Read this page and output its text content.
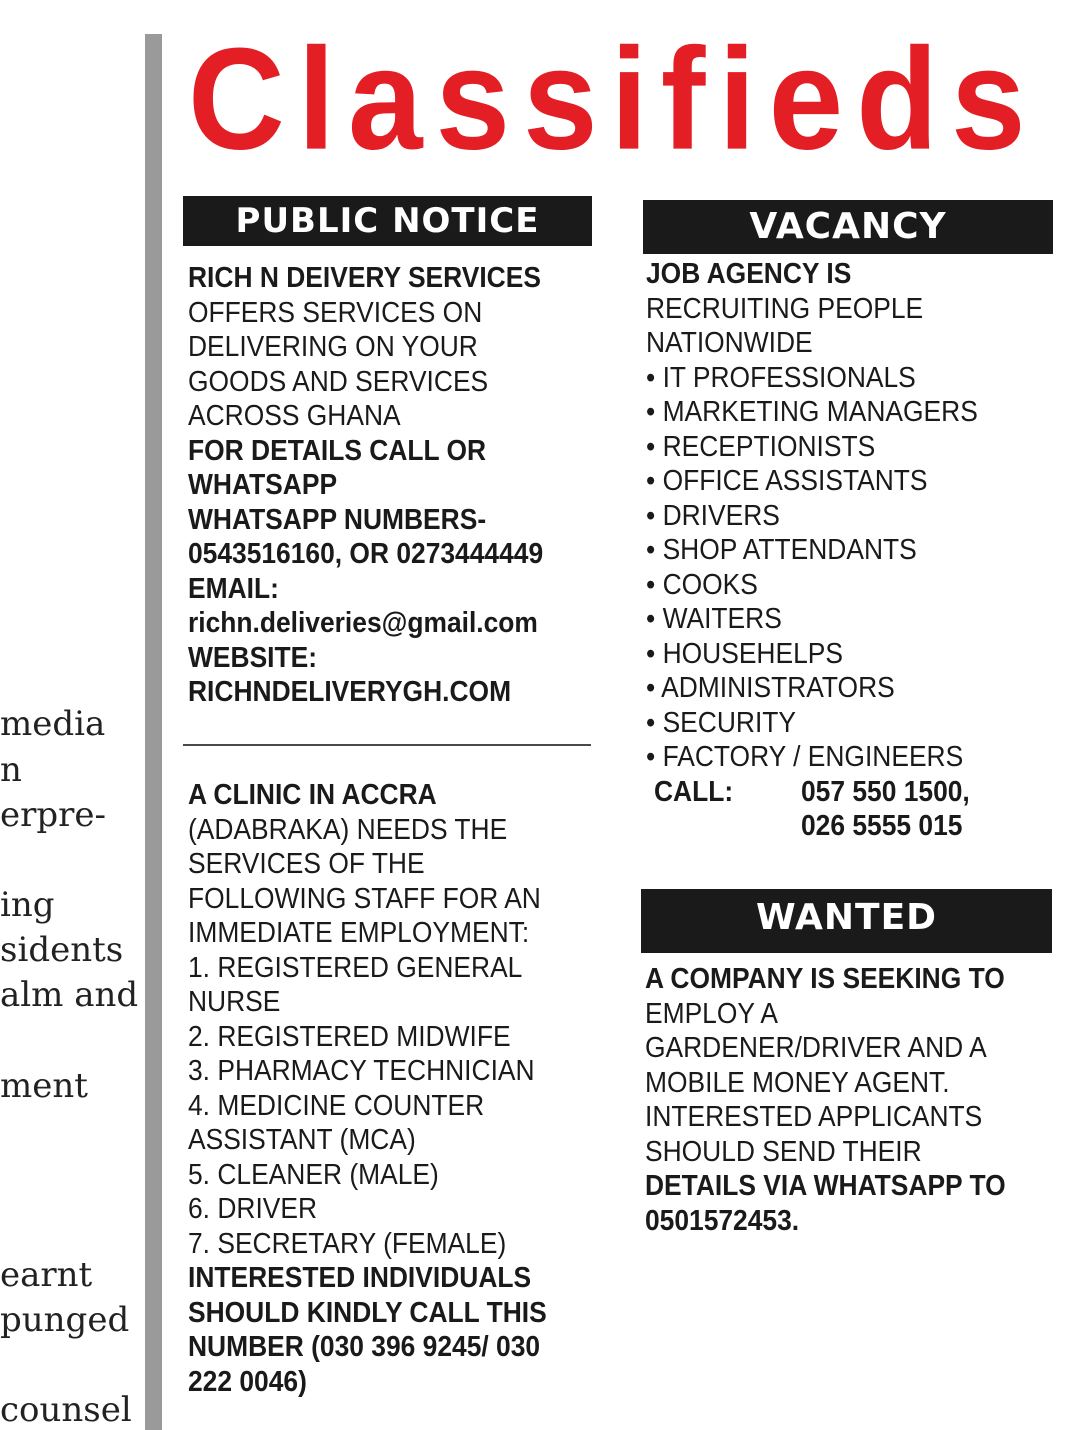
media
n
erpre-
ing
sidents
alm and
ment
earnt
punged
counsel
Classifieds
PUBLIC NOTICE
RICH N DEIVERY SERVICES
OFFERS SERVICES ON
DELIVERING ON YOUR
GOODS AND SERVICES
ACROSS GHANA
FOR DETAILS CALL OR
WHATSAPP
WHATSAPP NUMBERS-
0543516160, OR 0273444449
EMAIL:
richn.deliveries@gmail.com
WEBSITE:
RICHNDELIVERYGH.COM
A CLINIC IN ACCRA
(ADABRAKA) NEEDS THE
SERVICES OF THE
FOLLOWING STAFF FOR AN
IMMEDIATE EMPLOYMENT:
1. REGISTERED GENERAL
NURSE
2. REGISTERED MIDWIFE
3. PHARMACY TECHNICIAN
4. MEDICINE COUNTER
ASSISTANT (MCA)
5. CLEANER (MALE)
6. DRIVER
7. SECRETARY (FEMALE)
INTERESTED INDIVIDUALS
SHOULD KINDLY CALL THIS
NUMBER (030 396 9245/ 030
222 0046)
VACANCY
JOB AGENCY IS
RECRUITING PEOPLE
NATIONWIDE
• IT PROFESSIONALS
• MARKETING MANAGERS
• RECEPTIONISTS
• OFFICE ASSISTANTS
• DRIVERS
• SHOP ATTENDANTS
• COOKS
• WAITERS
• HOUSEHELPS
• ADMINISTRATORS
• SECURITY
• FACTORY / ENGINEERS
CALL: 057 550 1500,
026 5555 015
WANTED
A COMPANY IS SEEKING TO
EMPLOY A
GARDENER/DRIVER AND A
MOBILE MONEY AGENT.
INTERESTED APPLICANTS
SHOULD SEND THEIR
DETAILS VIA WHATSAPP TO
0501572453.
